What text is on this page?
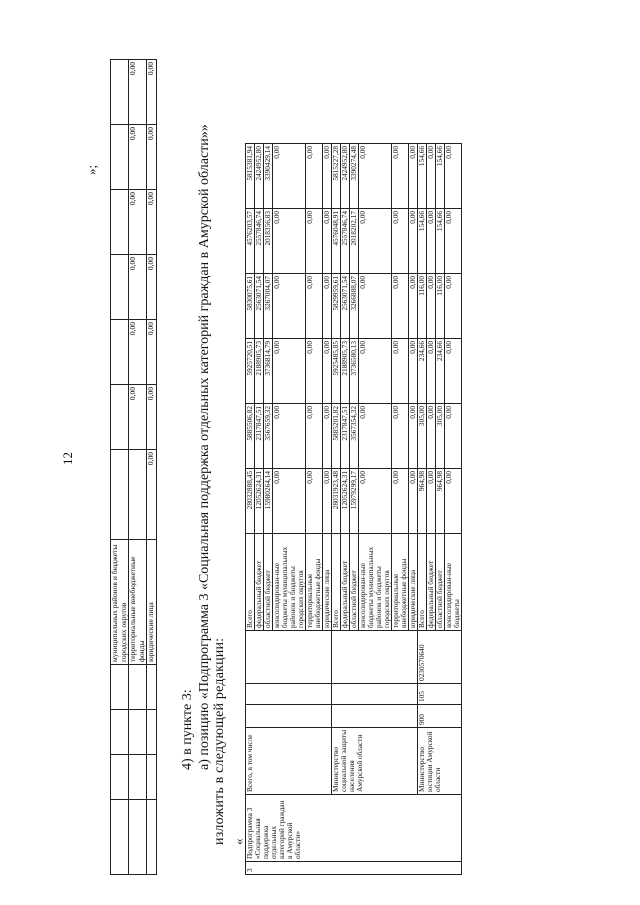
12
				муниципальных районов и бюджеты городских округов							
				территориальные внебюджетные фонды		0,00	0,00	0,00	0,00	0,00	0,00
				юридические лица	0,00	0,00	0,00	0,00	0,00	0,00	0,00
»;
4) в пункте 3: а) позицию «Подпрограмма 3 «Социальная поддержка отдельных категорий граждан в Амурской области»» изложить в следующей редакции: «
3	Подпрограмма 3 «Социальная поддержка отдельных категорий граждан в Амурской области»	Всего, в том числе				Всего	28032888,45	5885506,82	5925720,51	5830075,61	4576203,57	5815381,94
						федеральный бюджет	12052624,31	2317847,51	2188905,73	2563071,54	2557846,74	2424952,80
						областной бюджет	15980264,14	3567659,32	3736814,79	3267004,07	2018356,83	3390429,14
						консолидирован-ные бюджеты муниципальных районов и бюджеты городских округов	0,00	0,00	0,00	0,00	0,00	0,00
						территориальные внебюджетные фонды	0,00	0,00	0,00	0,00	0,00	0,00
						юридические лица	0,00	0,00	0,00	0,00	0,00	0,00
		Министерство социальной защиты населения Амурской области				Всего	28031923,48	5885201,82	5925485,85	5829959,61	4576048,91	5815227,28
						федеральный бюджет	12052624,31	2317847,51	2188905,73	2563071,54	2557846,74	2424952,80
						областной бюджет	15979299,17	3567354,32	3736580,13	3266888,07	2018202,17	3390274,48
						консолидирован-ные бюджеты муниципальных районов и бюджеты городских округов	0,00	0,00	0,00	0,00	0,00	0,00
						территориальные внебюджетные фонды	0,00	0,00	0,00	0,00	0,00	0,00
						юридические лица	0,00	0,00	0,00	0,00	0,00	0,00
		Министерство юстиции Амурской области	900	105	0230570640	Всего	964,98	305,00	234,66	116,00	154,66	154,66
						федеральный бюджет	0,00	0,00	0,00	0,00	0,00	0,00
						областной бюджет	964,98	305,00	234,66	116,00	154,66	154,66
						консолидирован-ные бюджеты	0,00	0,00	0,00	0,00	0,00	0,00
